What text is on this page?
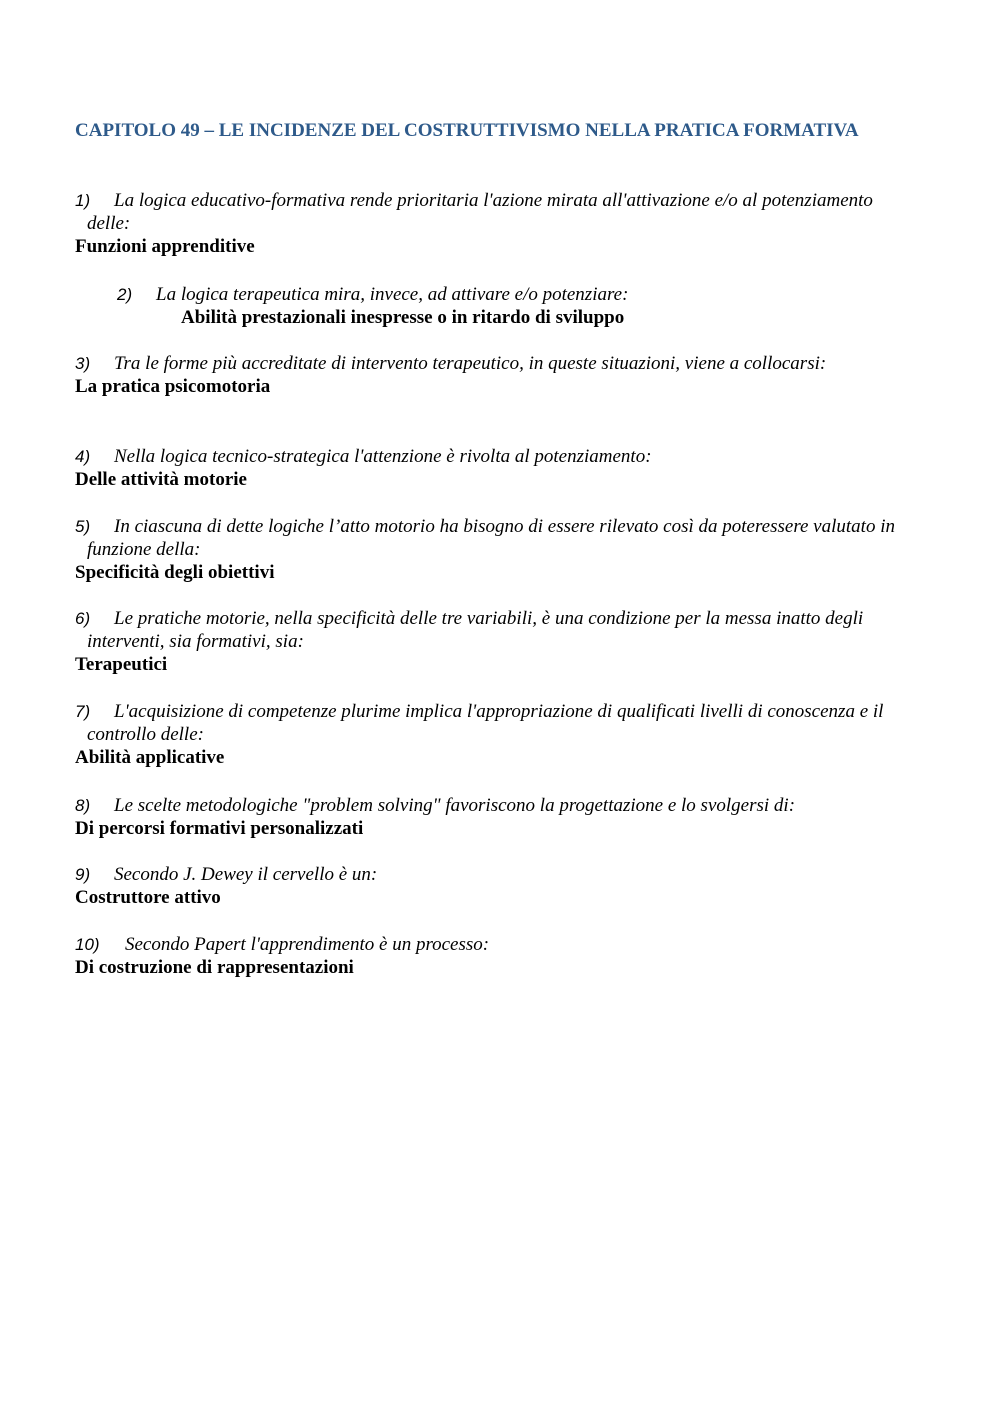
CAPITOLO 49 – LE INCIDENZE DEL COSTRUTTIVISMO NELLA PRATICA FORMATIVA

1) La logica educativo-formativa rende prioritaria l'azione mirata all'attivazione e/o al potenziamento delle:

Funzioni apprenditive

2) La logica terapeutica mira, invece, ad attivare e/o potenziare:

Abilità prestazionali inespresse o in ritardo di sviluppo

3) Tra le forme più accreditate di intervento terapeutico, in queste situazioni, viene a collocarsi:

La pratica psicomotoria

4) Nella logica tecnico-strategica l'attenzione è rivolta al potenziamento:

Delle attività motorie

5) In ciascuna di dette logiche l’atto motorio ha bisogno di essere rilevato così da poteressere valutato in funzione della:

Specificità degli obiettivi

6) Le pratiche motorie, nella specificità delle tre variabili, è una condizione per la messa inatto degli interventi, sia formativi, sia:

Terapeutici

7) L'acquisizione di competenze plurime implica l'appropriazione di qualificati livelli di conoscenza e il controllo delle:

Abilità applicative

8) Le scelte metodologiche "problem solving" favoriscono la progettazione e lo svolgersi di:

Di percorsi formativi personalizzati

9) Secondo J. Dewey il cervello è un:

Costruttore attivo

10) Secondo Papert l'apprendimento è un processo:

Di costruzione di rappresentazioni
